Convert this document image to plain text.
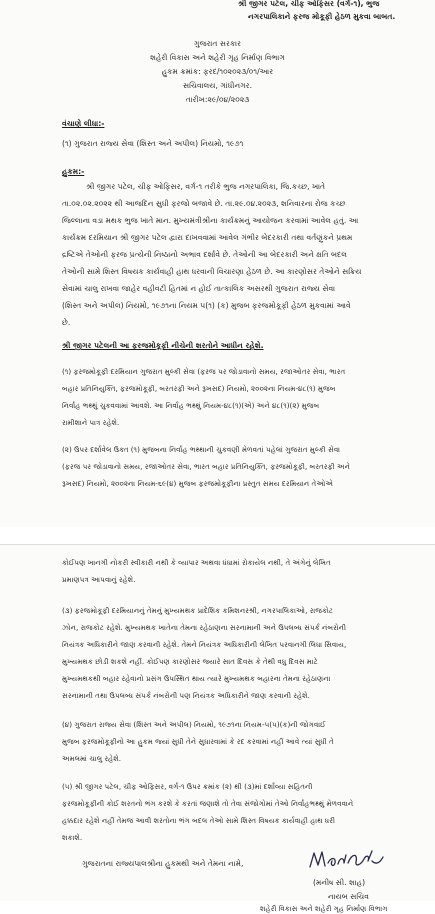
શ્રી જીગર પટેલ, ચીફ ઓફિસર (વર્ગ-૧), ભુજ
નગરપાલિકાને ફરજ મોકૂફી હેઠળ મુકવા બાબત.
ગુજરાત સરકાર
શહેરી વિકાસ અને શહેરી ગૃહ નિર્માણ વિભાગ
હુકમ ક્રમાંક: ફરદ/૧૦૨૦૨૩/૦૧/આર
સચિવાલય, ગાંધીનગર.
તારીખ:૨૯/૦૪/૨૦૨૩
વંચાણે લીધા:-
(૧) ગુજરાત રાજ્ય સેવા (શિસ્ત અને અપીલ) નિયમો, ૧૯૭૧
હુકમ:-
શ્રી જીગર પટેલ, ચીફ ઓફિસર, વર્ગ-૧ તરીકે ભુજ નગરપાલિકા, જિ.કચ્છ, ખાતે
તા.૦૨.૦૨.૨૦૨૨ થી આજદિન સુધી ફરજો બજાવે છે. તા.૨૯.૦૪.૨૦૨૩, શનિવારના રોજ કચ્છ
જિલ્લાના વડા મથક ભુજ ખાતે માન. મુખ્યમંત્રીશ્રીના કાર્યક્રમનું આયોજન કરવામાં આવેલ હતું. આ
કાર્યક્રમ દરમિયાન શ્રી જીગર પટેલ દ્વારા દાખવવામાં આવેલ ગંભીર બેદરકારી તથા વર્તણુંકને પ્રથમ
દ્રષ્ટિએ તેઓની ફરજ પ્રત્યેની નિષ્ઠાનો અભાવ દર્શાવે છે. તેઓની આ બેદરકારી અને ક્ષતિ બદલ
તેઓની સામે શિસ્ત વિષયક કાર્યવાહી હાથ ધરવાની વિચારણા હેઠળ છે. આ કારણોસર તેઓને સક્રિય
સેવામાં ચાલુ રાખવા જાહેર વહીવટી હિતમાં ન હોઈ તાત્કાલિક અસરથી ગુજરાત રાજ્ય સેવા
(શિસ્ત અને અપીલ) નિયમો, ૧૯૭૧ના નિયમ ૫(૧) (ક) મુજબ ફરજમોકૂફી હેઠળ મુકવામાં આવે
છે.
શ્રી જીગર પટેલની આ ફરજમોકૂફી નીચેની શરતોને આધીન રહેશે.
(૧) ફરજમોકૂફી દરમિયાન ગુજરાત મુલ્કી સેવા (ફરજ પર જોડાવાનો સમય, રજાઓતર સેવા, ભારત
બહાર પ્રતિનિયુક્તિ, ફરજમોકૂફી, બરતરફી અને રૂખસદ) નિયમો, ૨૦૦૨ના નિયમ-૪૮(૧) મુજબ
નિર્વાહ ભથ્થું ચુકવવામાં આવશે. આ નિર્વાહ ભથ્થું નિયમ-૪૮(૧)(એ) અને ૪૮(૧)(૨) મુજબ
રામીશાને પાત્ર રહેશે.
(૨) ઉપર દર્શાવેલ ઉક્ત (૧) મુજબના નિર્વાહ ભથ્થાની ચુકવણી મેળવતાં પહેલાં ગુજરાત મુલ્કી સેવા
(ફરજ પર જોડાવાનો સમય, રજાઓતર સેવા, ભારત બહાર પ્રતિનિયુક્તિ, ફરજમોકૂફી, બરતરફી અને
રૂખસદ) નિયમો, ૨૦૦૨ના નિયમ-૬૯(૪) મુજબ ફરજમોકૂફીના પ્રસ્તુત સમય દરમિયાન તેઓએ
કોઈપણ ખાનગી નોકરી સ્વીકારી નથી કે વ્યાપાર અથવા ધંધામાં રોકાયેલ નથી, તે અંગેનું લેખિત
પ્રમાણપત્ર આપવાનું રહેશે.
(૩) ફરજમોકૂફી દરમિયાનનું તેમનું મુખ્યમથક પ્રાદેશિક કમિશનરશ્રી, નગરપાલિકાઓ, રાજકોટ
ઝોન, રાજકોટ રહેશે. મુખ્યમથક ખાતેના તેમના રહેઠાણના સરનામાની અને ઉપલબ્ધ સંપર્ક નંબરોની
નિયંત્રક અધિકારીને જાણ કરવાની રહેશે. તેમને નિયંત્રક અધિકારીની લેખિત પરવાનગી લિધા સિવાય,
મુખ્યમથક છોડી શકશે નહીં. કોઈપણ કારણોસર જ્યારે સાત દિવસ કે તેથી વધુ દિવસ માટે
મુખ્યમથકથી બહાર રહેવાનો પ્રસંગ ઉપસ્થિત થાય ત્યારે મુખ્યમથક બહારના તેમના રહેઠાણના
સરનામાની તથા ઉપલબ્ધ સંપર્ક નંબરોની પણ નિયંત્રક અધિકારીને જાણ કરવાની રહેશે.
(૪) ગુજરાત રાજ્ય સેવા (શિસ્ત અને અપીલ) નિયમો, ૧૯૭૧ના નિયમ-૫(૫)(ક)ની જોગવાઈ
મુજબ ફરજમોકૂફીનો આ હુકમ જ્યાં સુધી તેને સુધારવામાં કે રદ કરવામાં નહીં આવે ત્યાં સુધી તે
અમલમાં ચાલુ રહેશે.
(૫) શ્રી જીગર પટેલ, ચીફ ઓફિસર, વર્ગ-૧ ઉપર ક્રમાંક (૨) થી (૩)માં દર્શાવ્યા સહિતની
ફરજમોકૂફીની કોઈ શરતનો ભંગ કરશે કે કરતાં જણાશે તો તેવા સંજોગોમાં તેઓ નિર્વાહભથ્થું મેળવવાને
હક્કદાર રહેશે નહીં તેમજ આવી શરતોના ભંગ બદલ તેઓ સામે શિસ્ત વિષયક કાર્યવાહી હાથ ધરી
શકાશે.
ગુજરાતના રાજ્યપાલશ્રીના હુકમથી અને તેમના નામે,
(મનીષ સી. શાહ)
નાયબ સચિવ
શહેરી વિકાસ અને શહેરી ગૃહ નિર્માણ વિભાગ
